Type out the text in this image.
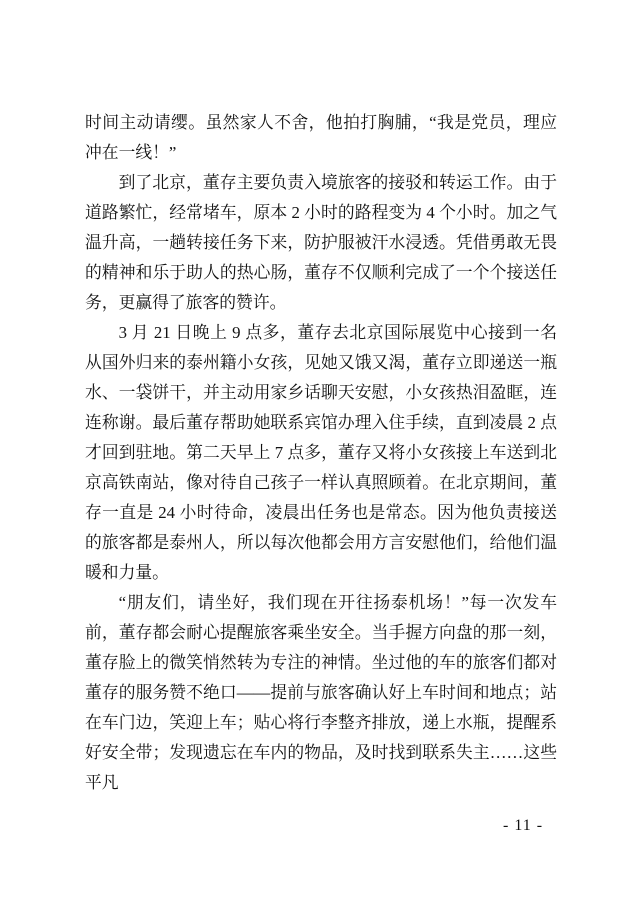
时间主动请缨。虽然家人不舍，他拍打胸脯，“我是党员，理应冲在一线！”

到了北京，董存主要负责入境旅客的接驳和转运工作。由于道路繁忙，经常堵车，原本 2 小时的路程变为 4 个小时。加之气温升高，一趟转接任务下来，防护服被汗水浸透。凭借勇敢无畏的精神和乐于助人的热心肠，董存不仅顺利完成了一个个接送任务，更赢得了旅客的赞许。

3 月 21 日晚上 9 点多，董存去北京国际展览中心接到一名从国外归来的泰州籍小女孩，见她又饿又渴，董存立即递送一瓶水、一袋饼干，并主动用家乡话聊天安慰，小女孩热泪盈眶，连连称谢。最后董存帮助她联系宾馆办理入住手续，直到凌晨 2 点才回到驻地。第二天早上 7 点多，董存又将小女孩接上车送到北京高铁南站，像对待自己孩子一样认真照顾着。在北京期间，董存一直是 24 小时待命，凌晨出任务也是常态。因为他负责接送的旅客都是泰州人，所以每次他都会用方言安慰他们，给他们温暖和力量。

“朋友们，请坐好，我们现在开往扬泰机场！”每一次发车前，董存都会耐心提醒旅客乘坐安全。当手握方向盘的那一刻，董存脸上的微笑悄然转为专注的神情。坐过他的车的旅客们都对董存的服务赞不绝口——提前与旅客确认好上车时间和地点；站在车门边，笑迎上车；贴心将行李整齐排放，递上水瓶，提醒系好安全带；发现遗忘在车内的物品，及时找到联系失主……这些平凡

- 11 -
